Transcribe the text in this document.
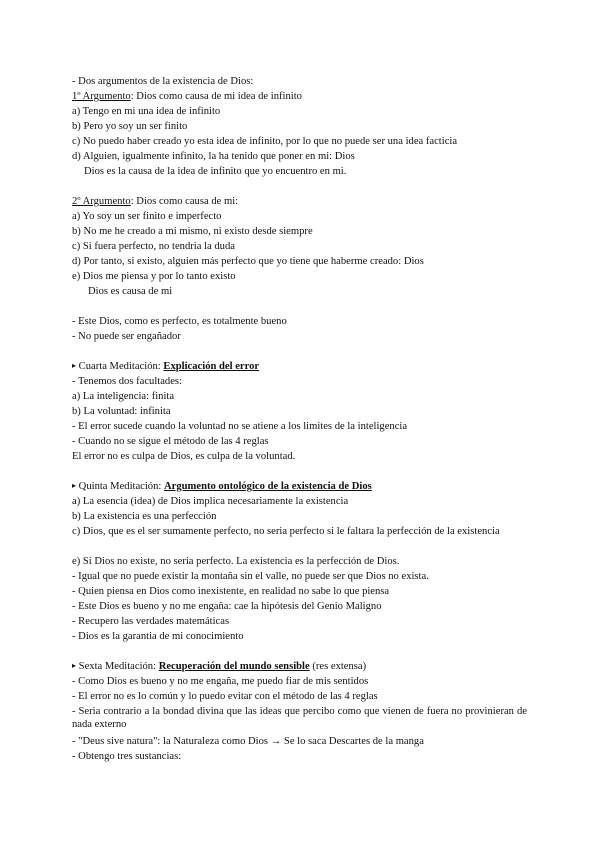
- Dos argumentos de la existencia de Dios:
1º Argumento: Dios como causa de mi idea de infinito
a) Tengo en mi una idea de infinito
b) Pero yo soy un ser finito
c) No puedo haber creado yo esta idea de infinito, por lo que no puede ser una idea facticia
d) Alguien, igualmente infinito, la ha tenido que poner en mi: Dios
Dios es la causa de la idea de infinito que yo encuentro en mi.
2º Argumento: Dios como causa de mi:
a) Yo soy un ser finito e imperfecto
b) No me he creado a mi mismo, ni existo desde siempre
c) Si fuera perfecto, no tendria la duda
d) Por tanto, si existo, alguien más perfecto que yo tiene que haberme creado: Dios
e) Dios me piensa y por lo tanto existo
Dios es causa de mi
- Este Dios, como es perfecto, es totalmente bueno
- No puede ser engañador
▸ Cuarta Meditación: Explicación del error
- Tenemos dos facultades:
a) La inteligencia: finita
b) La voluntad: infinita
- El error sucede cuando la voluntad no se atiene a los limites de la inteligencia
- Cuando no se sigue el método de las 4 reglas
El error no es culpa de Dios, es culpa de la voluntad.
▸ Quinta Meditación: Argumento ontológico de la existencia de Dios
a) La esencia (idea) de Dios implica necesariamente la existencia
b) La existencia es una perfección
c) Dios, que es el ser sumamente perfecto, no seria perfecto si le faltara la perfección de la existencia
e) Si Dios no existe, no seria perfecto. La existencia es la perfección de Dios.
- Igual que no puede existir la montaña sin el valle, no puede ser que Dios no exista.
- Quien piensa en Dios como inexistente, en realidad no sabe lo que piensa
- Este Dios es bueno y no me engaña: cae la hipótesis del Genio Maligno
- Recupero las verdades matemáticas
- Dios es la garantia de mi conocimiento
▸ Sexta Meditación: Recuperación del mundo sensible (res extensa)
- Como Dios es bueno y no me engaña, me puedo fiar de mis sentidos
- El error no es lo común y lo puedo evitar con el método de las 4 reglas
- Seria contrario a la bondad divina que las ideas que percibo como que vienen de fuera no provinieran de nada externo
- "Deus sive natura": la Naturaleza como Dios → Se lo saca Descartes de la manga
- Obtengo tres sustancias:
